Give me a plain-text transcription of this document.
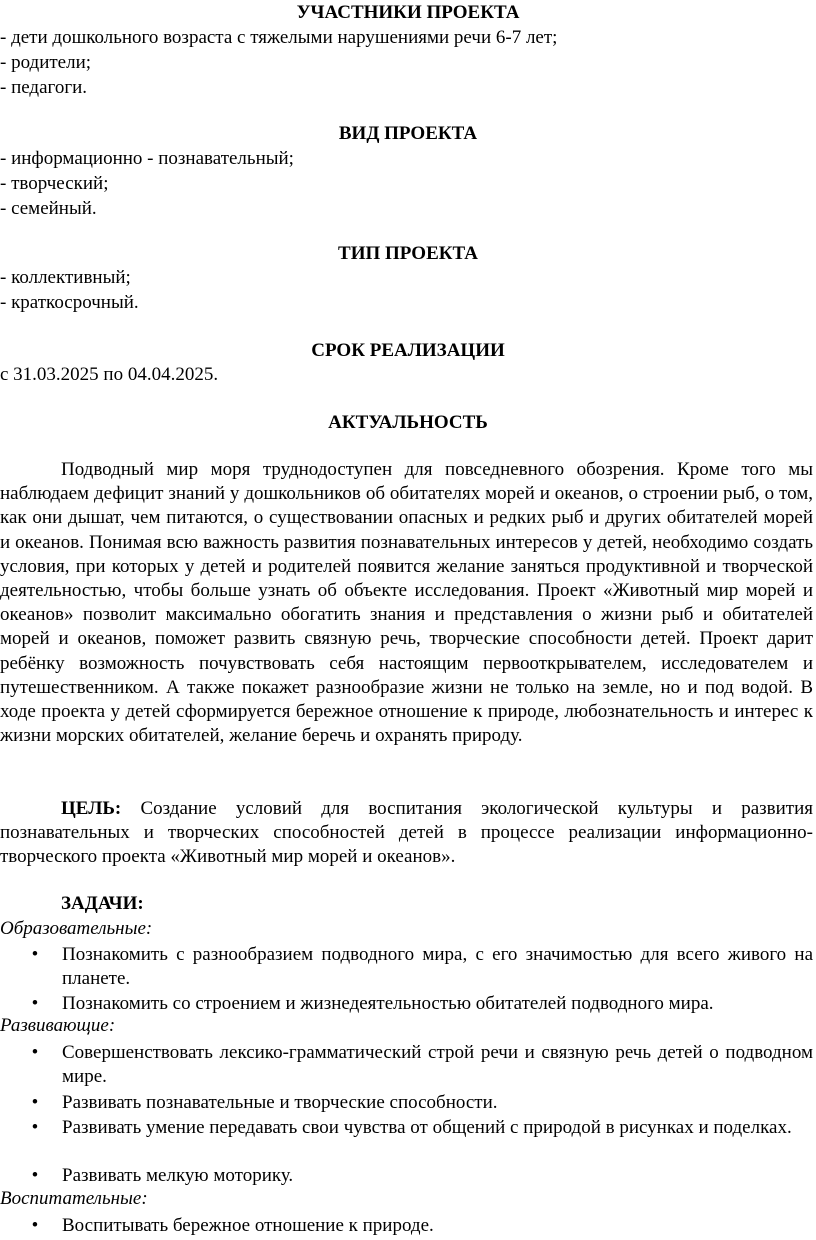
УЧАСТНИКИ ПРОЕКТА
- дети дошкольного возраста с тяжелыми нарушениями речи 6-7 лет;
- родители;
- педагоги.
ВИД ПРОЕКТА
- информационно - познавательный;
- творческий;
- семейный.
ТИП ПРОЕКТА
- коллективный;
- краткосрочный.
СРОК РЕАЛИЗАЦИИ
с 31.03.2025 по 04.04.2025.
АКТУАЛЬНОСТЬ

Подводный мир моря труднодоступен для повседневного обозрения. Кроме того мы наблюдаем дефицит знаний у дошкольников об обитателях морей и океанов, о строении рыб, о том, как они дышат, чем питаются, о существовании опасных и редких рыб и других обитателей морей и океанов. Понимая всю важность развития познавательных интересов у детей, необходимо создать условия, при которых у детей и родителей появится желание заняться продуктивной и творческой деятельностью, чтобы больше узнать об объекте исследования. Проект «Животный мир морей и океанов» позволит максимально обогатить знания и представления о жизни рыб и обитателей морей и океанов, поможет развить связную речь, творческие способности детей. Проект дарит ребёнку возможность почувствовать себя настоящим первооткрывателем, исследователем и путешественником. А также покажет разнообразие жизни не только на земле, но и под водой. В ходе проекта у детей сформируется бережное отношение к природе, любознательность и интерес к жизни морских обитателей, желание беречь и охранять природу.

ЦЕЛЬ: Создание условий для воспитания экологической культуры и развития познавательных и творческих способностей детей в процессе реализации информационно-творческого проекта «Животный мир морей и океанов».

ЗАДАЧИ:
Образовательные:
• Познакомить с разнообразием подводного мира, с его значимостью для всего живого на планете.
• Познакомить со строением и жизнедеятельностью обитателей подводного мира.
Развивающие:
• Совершенствовать лексико-грамматический строй речи и связную речь детей о подводном мире.
• Развивать познавательные и творческие способности.
• Развивать умение передавать свои чувства от общений с природой в рисунках и поделках.
• Развивать мелкую моторику.
Воспитательные:
• Воспитывать бережное отношение к природе.
